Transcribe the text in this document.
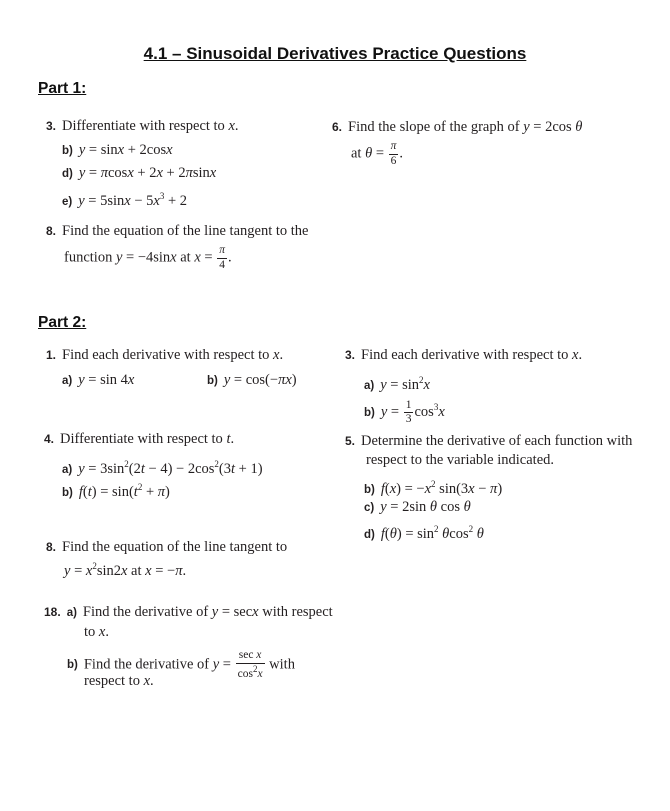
4.1 – Sinusoidal Derivatives Practice Questions
Part 1:
3. Differentiate with respect to x.
b) y = sinx + 2cosx
d) y = πcosx + 2x + 2πsinx
e) $y = 5\sin x - 5x^3 + 2$
6. Find the slope of the graph of y = 2cos θ
at $\theta = \frac{\pi}{6}$ .
8. Find the equation of the line tangent to the
function y = −4sinx at $x = \frac{\pi}{4}$ .
Part 2:
1. Find each derivative with respect to x.
a) y = sin 4x	b) y = cos(−πx)
3. Find each derivative with respect to x.
a) $y = \sin^2x$
b) $y = \frac{1}{3} \cos^3x$
4. Differentiate with respect to t.
a) $y = 3\sin^2(2t - 4) - 2\cos^2(3t + 1)$
b) $f(t) = \sin(t^2 + \pi)$
5. Determine the derivative of each function with
respect to the variable indicated.
b) $f(x) = -x^2$ sin(3x − π)
c) y = 2sin θ cos θ
d) $f(\theta) = \sin^2 \theta\cos^2$ θ
8. Find the equation of the line tangent to
$y = x^2\sin 2x$ at x = −π.
18. a) Find the derivative of y = secx with respect
to x.
b) Find the derivative of $y = \frac{\text{sec x}}{\cos^2x}$ with
respect to x.
